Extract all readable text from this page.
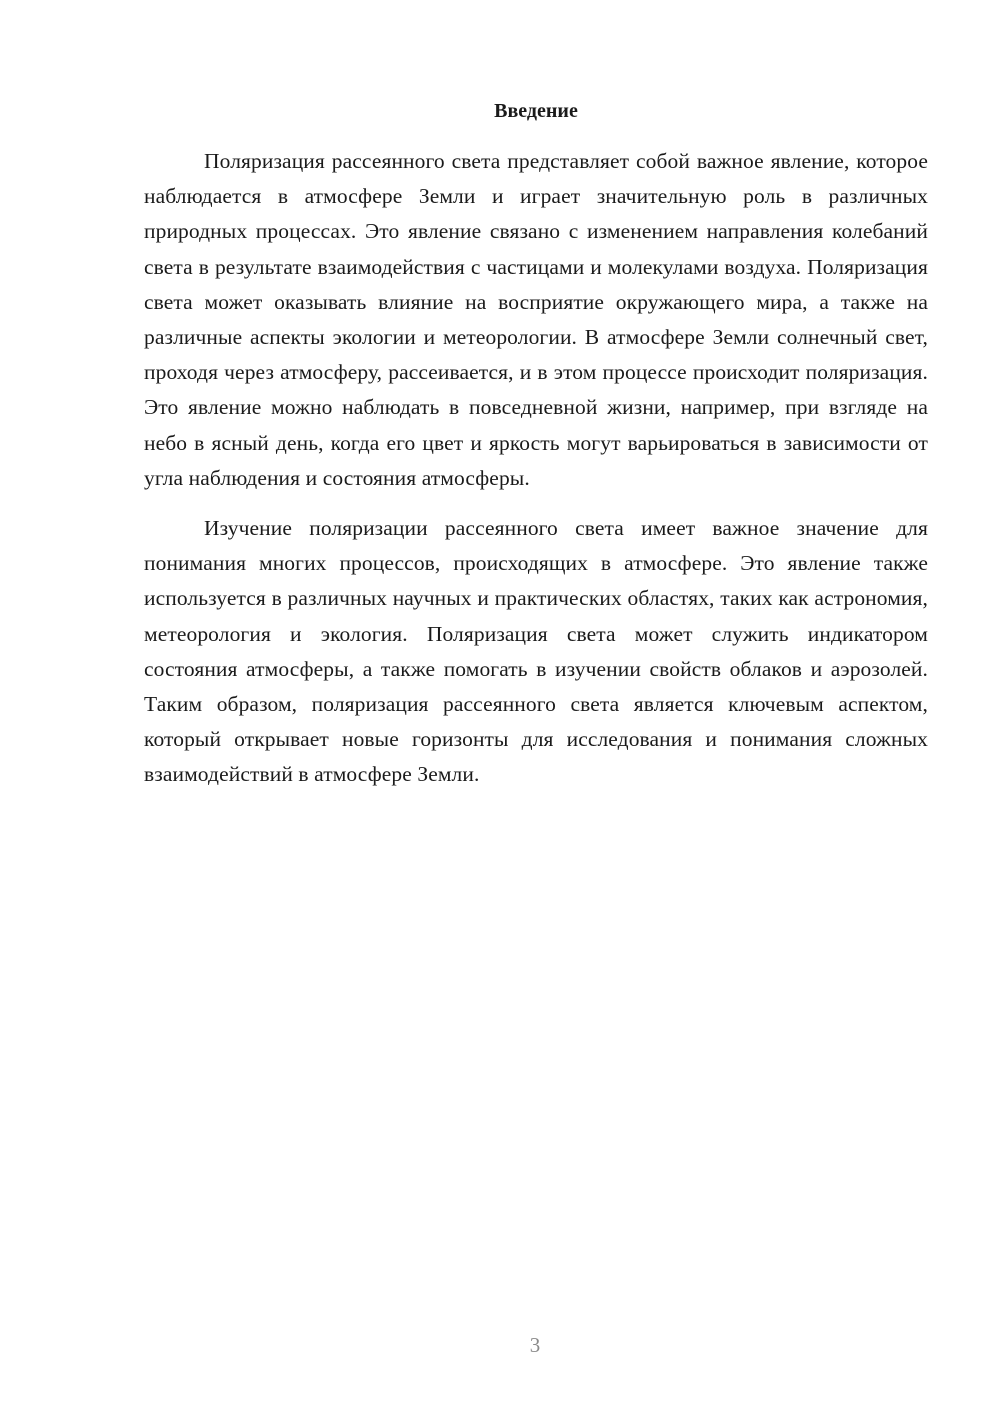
Введение

Поляризация рассеянного света представляет собой важное явление, которое наблюдается в атмосфере Земли и играет значительную роль в различных природных процессах. Это явление связано с изменением направления колебаний света в результате взаимодействия с частицами и молекулами воздуха. Поляризация света может оказывать влияние на восприятие окружающего мира, а также на различные аспекты экологии и метеорологии. В атмосфере Земли солнечный свет, проходя через атмосферу, рассеивается, и в этом процессе происходит поляризация. Это явление можно наблюдать в повседневной жизни, например, при взгляде на небо в ясный день, когда его цвет и яркость могут варьироваться в зависимости от угла наблюдения и состояния атмосферы.

Изучение поляризации рассеянного света имеет важное значение для понимания многих процессов, происходящих в атмосфере. Это явление также используется в различных научных и практических областях, таких как астрономия, метеорология и экология. Поляризация света может служить индикатором состояния атмосферы, а также помогать в изучении свойств облаков и аэрозолей. Таким образом, поляризация рассеянного света является ключевым аспектом, который открывает новые горизонты для исследования и понимания сложных взаимодействий в атмосфере Земли.

3
